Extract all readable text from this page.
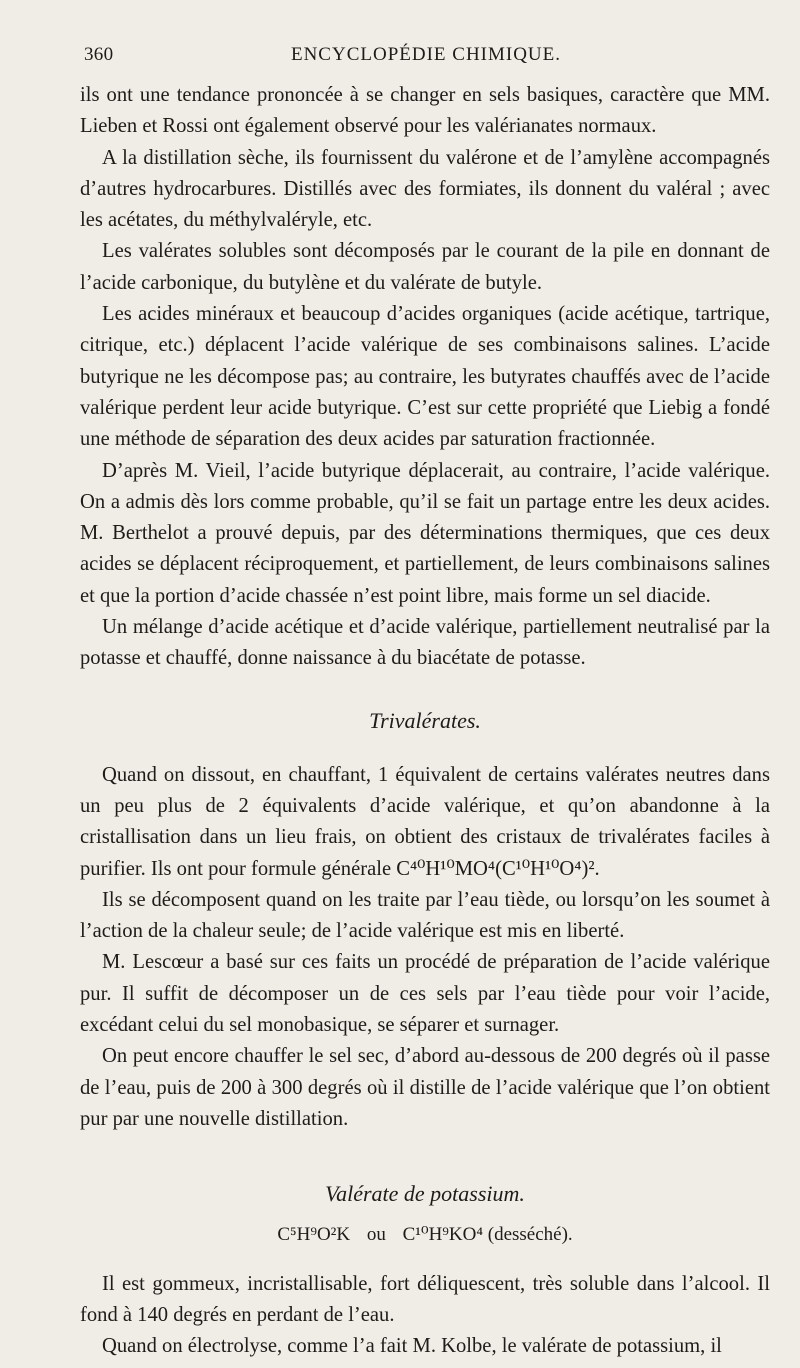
360	ENCYCLOPÉDIE CHIMIQUE.

ils ont une tendance prononcée à se changer en sels basiques, caractère que MM. Lieben et Rossi ont également observé pour les valérianates normaux.

A la distillation sèche, ils fournissent du valérone et de l’amylène accompagnés d’autres hydrocarbures. Distillés avec des formiates, ils donnent du valéral ; avec les acétates, du méthylvaléryle, etc.

Les valérates solubles sont décomposés par le courant de la pile en donnant de l’acide carbonique, du butylène et du valérate de butyle.

Les acides minéraux et beaucoup d’acides organiques (acide acétique, tartrique, citrique, etc.) déplacent l’acide valérique de ses combinaisons salines. L’acide butyrique ne les décompose pas; au contraire, les butyrates chauffés avec de l’acide valérique perdent leur acide butyrique. C’est sur cette propriété que Liebig a fondé une méthode de séparation des deux acides par saturation fractionnée.

D’après M. Vieil, l’acide butyrique déplacerait, au contraire, l’acide valérique. On a admis dès lors comme probable, qu’il se fait un partage entre les deux acides. M. Berthelot a prouvé depuis, par des déterminations thermiques, que ces deux acides se déplacent réciproquement, et partiellement, de leurs combinaisons salines et que la portion d’acide chassée n’est point libre, mais forme un sel diacide.

Un mélange d’acide acétique et d’acide valérique, partiellement neutralisé par la potasse et chauffé, donne naissance à du biacétate de potasse.

Trivalérates.

Quand on dissout, en chauffant, 1 équivalent de certains valérates neutres dans un peu plus de 2 équivalents d’acide valérique, et qu’on abandonne à la cristallisation dans un lieu frais, on obtient des cristaux de trivalérates faciles à purifier. Ils ont pour formule générale C⁴⁰H¹⁰MO⁴(C¹⁰H¹⁰O⁴)².

Ils se décomposent quand on les traite par l’eau tiède, ou lorsqu’on les soumet à l’action de la chaleur seule; de l’acide valérique est mis en liberté.

M. Lescœur a basé sur ces faits un procédé de préparation de l’acide valérique pur. Il suffit de décomposer un de ces sels par l’eau tiède pour voir l’acide, excédant celui du sel monobasique, se séparer et surnager.

On peut encore chauffer le sel sec, d’abord au-dessous de 200 degrés où il passe de l’eau, puis de 200 à 300 degrés où il distille de l’acide valérique que l’on obtient pur par une nouvelle distillation.

Valérate de potassium.
C⁵H⁹O²K ou C¹⁰H⁹KO⁴ (desséché).

Il est gommeux, incristallisable, fort déliquescent, très soluble dans l’alcool. Il fond à 140 degrés en perdant de l’eau.

Quand on électrolyse, comme l’a fait M. Kolbe, le valérate de potassium, il
